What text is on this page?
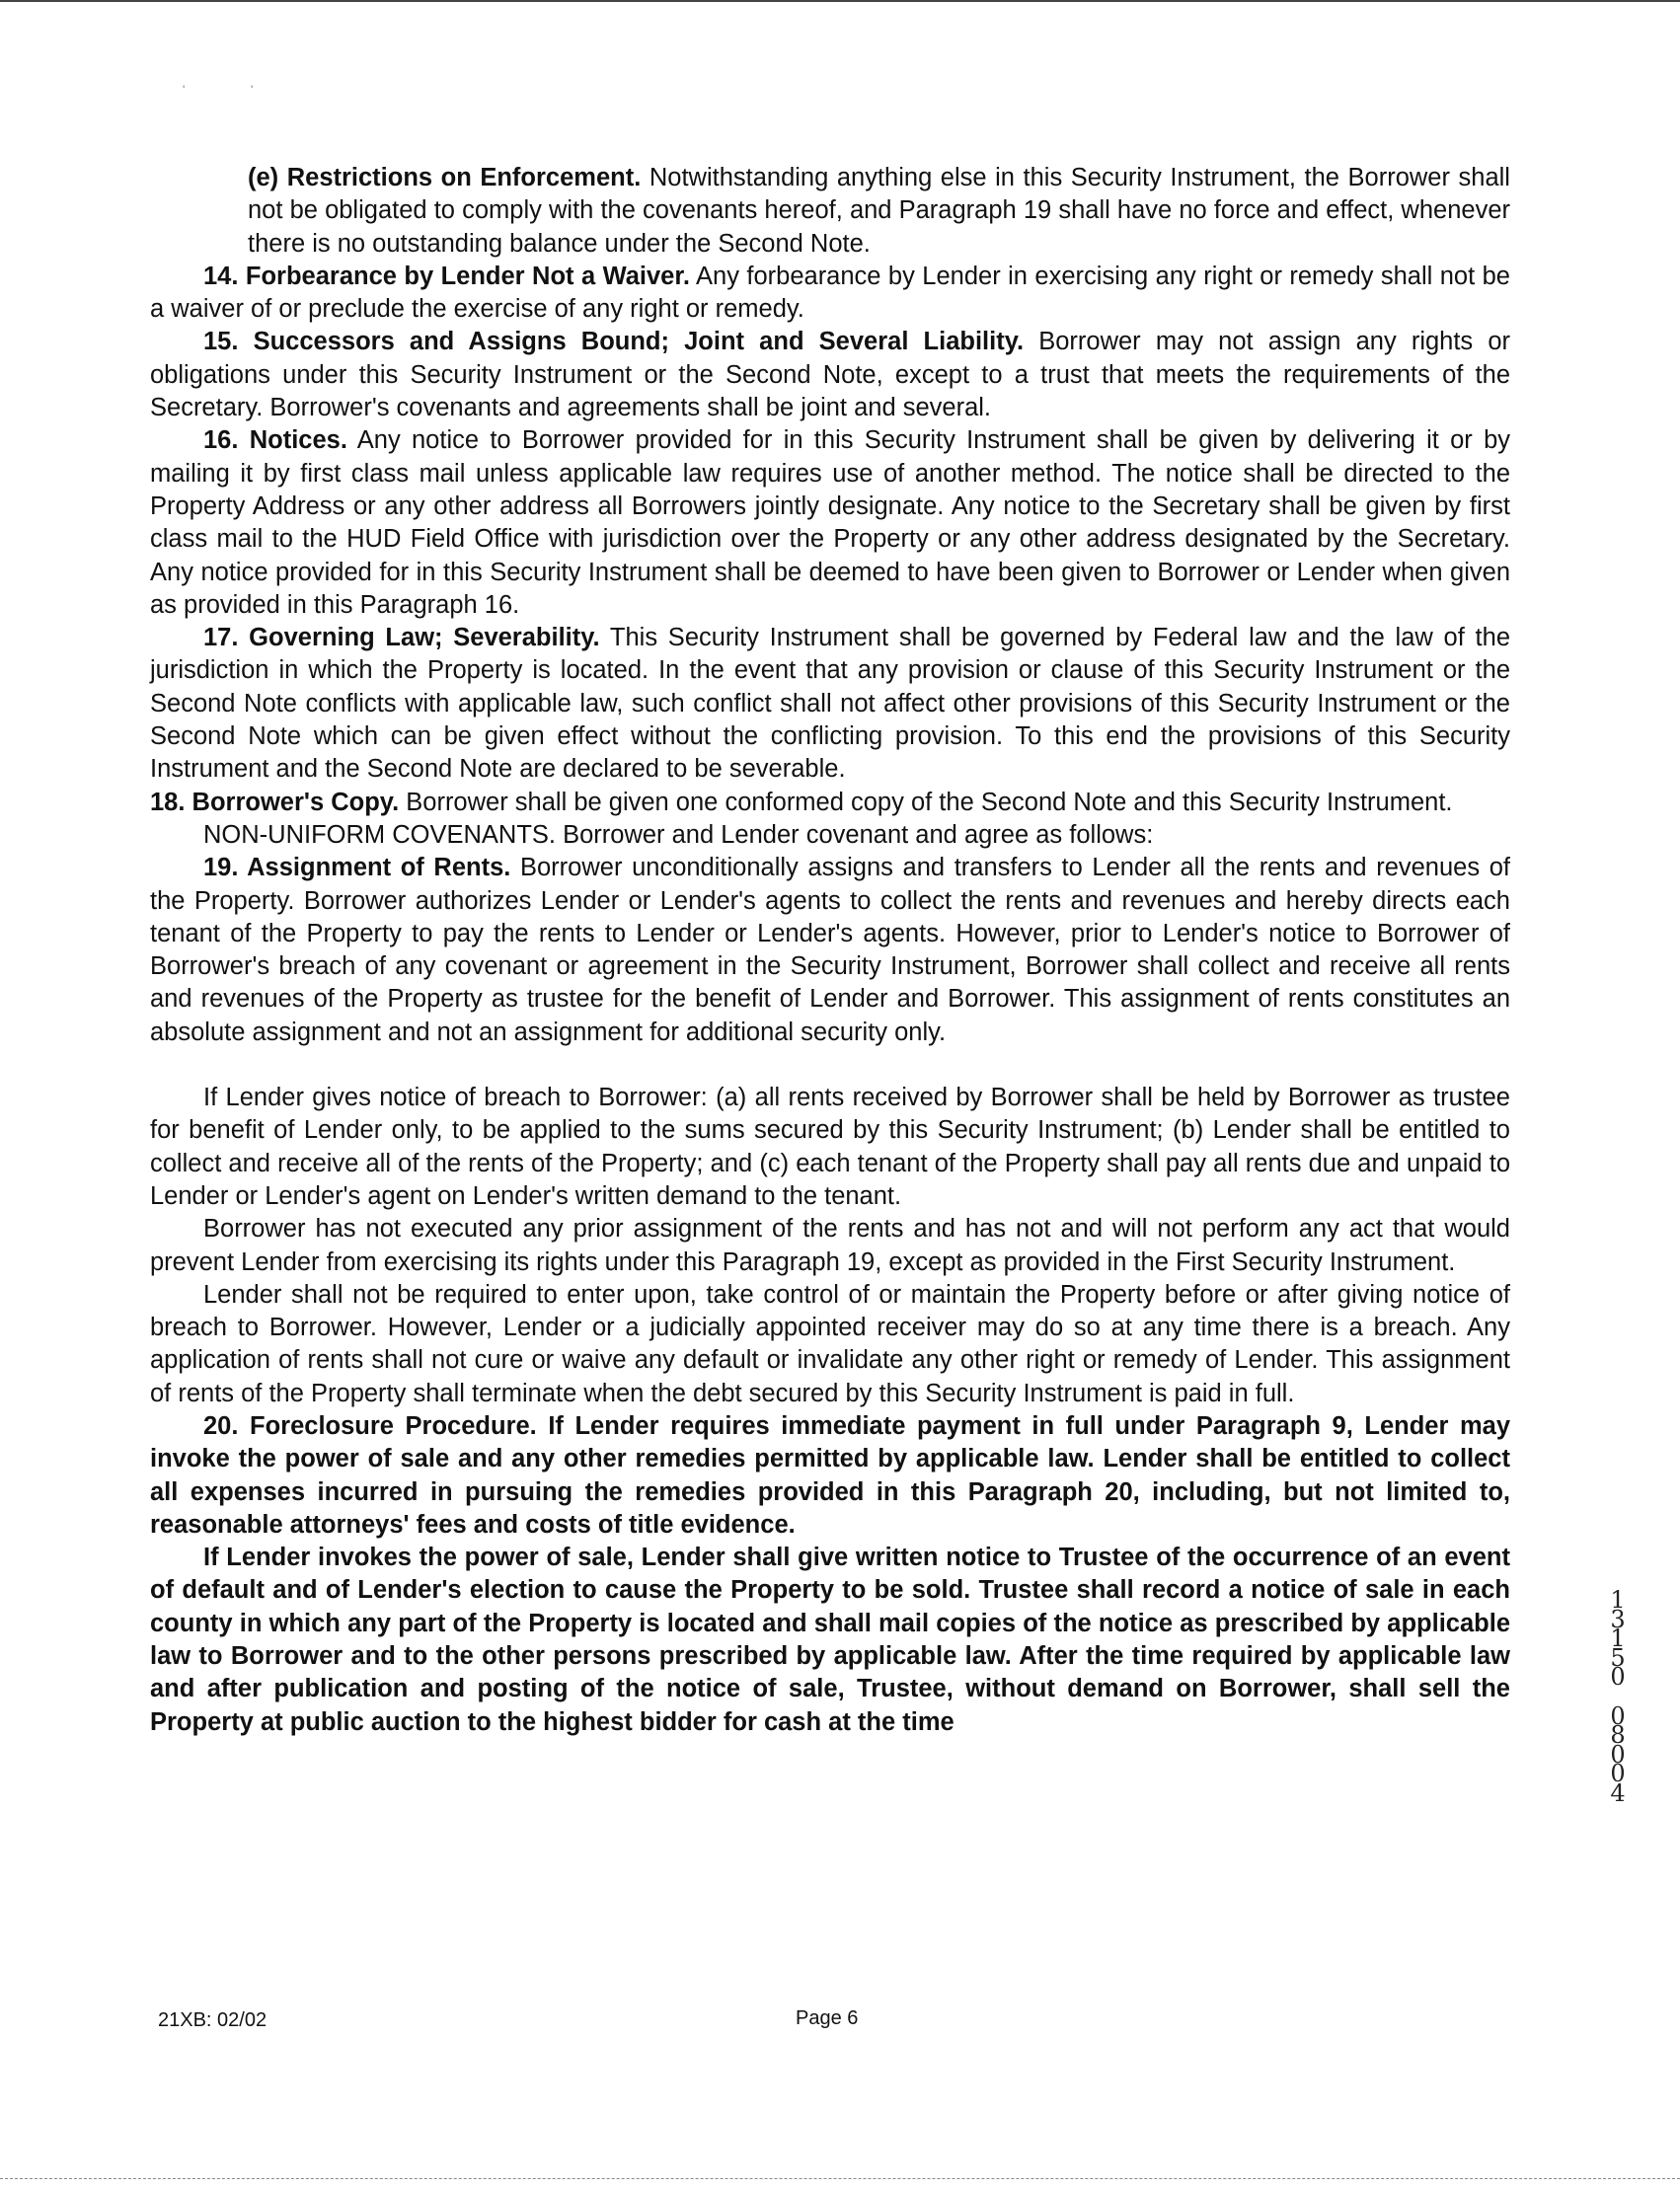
'                    '

(e) Restrictions on Enforcement. Notwithstanding anything else in this Security Instrument, the Borrower shall not be obligated to comply with the covenants hereof, and Paragraph 19 shall have no force and effect, whenever there is no outstanding balance under the Second Note.

14. Forbearance by Lender Not a Waiver. Any forbearance by Lender in exercising any right or remedy shall not be a waiver of or preclude the exercise of any right or remedy.

15. Successors and Assigns Bound; Joint and Several Liability. Borrower may not assign any rights or obligations under this Security Instrument or the Second Note, except to a trust that meets the requirements of the Secretary. Borrower's covenants and agreements shall be joint and several.

16. Notices. Any notice to Borrower provided for in this Security Instrument shall be given by delivering it or by mailing it by first class mail unless applicable law requires use of another method. The notice shall be directed to the Property Address or any other address all Borrowers jointly designate. Any notice to the Secretary shall be given by first class mail to the HUD Field Office with jurisdiction over the Property or any other address designated by the Secretary. Any notice provided for in this Security Instrument shall be deemed to have been given to Borrower or Lender when given as provided in this Paragraph 16.

17. Governing Law; Severability. This Security Instrument shall be governed by Federal law and the law of the jurisdiction in which the Property is located. In the event that any provision or clause of this Security Instrument or the Second Note conflicts with applicable law, such conflict shall not affect other provisions of this Security Instrument or the Second Note which can be given effect without the conflicting provision. To this end the provisions of this Security Instrument and the Second Note are declared to be severable.

18. Borrower's Copy. Borrower shall be given one conformed copy of the Second Note and this Security Instrument.

NON-UNIFORM COVENANTS. Borrower and Lender covenant and agree as follows:

19. Assignment of Rents. Borrower unconditionally assigns and transfers to Lender all the rents and revenues of the Property. Borrower authorizes Lender or Lender's agents to collect the rents and revenues and hereby directs each tenant of the Property to pay the rents to Lender or Lender's agents. However, prior to Lender's notice to Borrower of Borrower's breach of any covenant or agreement in the Security Instrument, Borrower shall collect and receive all rents and revenues of the Property as trustee for the benefit of Lender and Borrower. This assignment of rents constitutes an absolute assignment and not an assignment for additional security only.

If Lender gives notice of breach to Borrower: (a) all rents received by Borrower shall be held by Borrower as trustee for benefit of Lender only, to be applied to the sums secured by this Security Instrument; (b) Lender shall be entitled to collect and receive all of the rents of the Property; and (c) each tenant of the Property shall pay all rents due and unpaid to Lender or Lender's agent on Lender's written demand to the tenant.

Borrower has not executed any prior assignment of the rents and has not and will not perform any act that would prevent Lender from exercising its rights under this Paragraph 19, except as provided in the First Security Instrument.

Lender shall not be required to enter upon, take control of or maintain the Property before or after giving notice of breach to Borrower. However, Lender or a judicially appointed receiver may do so at any time there is a breach. Any application of rents shall not cure or waive any default or invalidate any other right or remedy of Lender. This assignment of rents of the Property shall terminate when the debt secured by this Security Instrument is paid in full.

20. Foreclosure Procedure. If Lender requires immediate payment in full under Paragraph 9, Lender may invoke the power of sale and any other remedies permitted by applicable law. Lender shall be entitled to collect all expenses incurred in pursuing the remedies provided in this Paragraph 20, including, but not limited to, reasonable attorneys' fees and costs of title evidence.

If Lender invokes the power of sale, Lender shall give written notice to Trustee of the occurrence of an event of default and of Lender's election to cause the Property to be sold. Trustee shall record a notice of sale in each county in which any part of the Property is located and shall mail copies of the notice as prescribed by applicable law to Borrower and to the other persons prescribed by applicable law. After the time required by applicable law and after publication and posting of the notice of sale, Trustee, without demand on Borrower, shall sell the Property at public auction to the highest bidder for cash at the time

21XB: 02/02	Page 6
1
3
1
5
0

0
8
0
0
4
